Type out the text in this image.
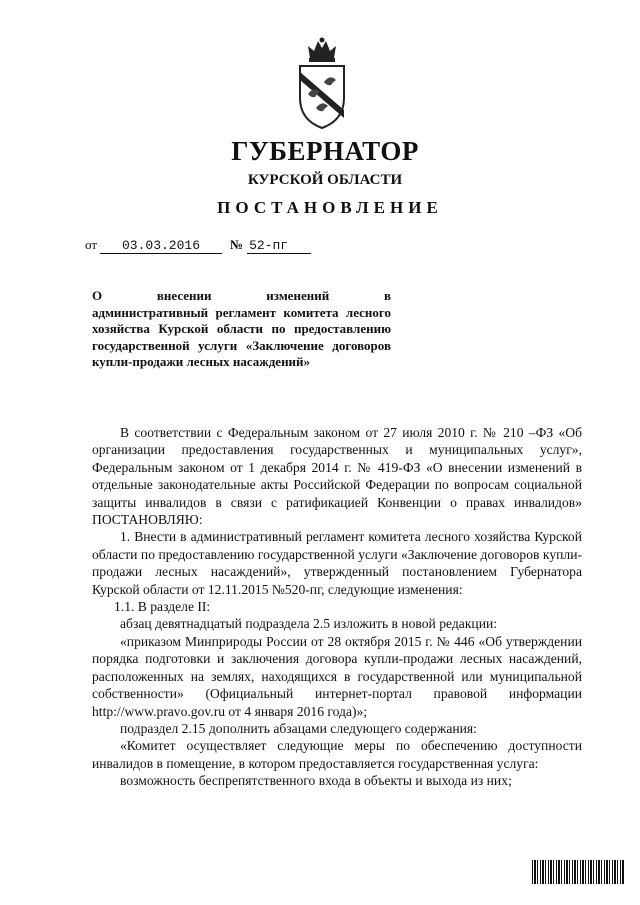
ГУБЕРНАТОР
КУРСКОЙ ОБЛАСТИ
ПОСТАНОВЛЕНИЕ
от 03.03.2016 № 52-пг
О внесении изменений в
административный регламент комитета лесного хозяйства Курской области по предоставлению государственной услуги «Заключение договоров купли-продажи лесных насаждений»

В соответствии с Федеральным законом от 27 июля 2010 г. № 210 –ФЗ «Об организации предоставления государственных и муниципальных услуг», Федеральным законом от 1 декабря 2014 г. № 419-ФЗ «О внесении изменений в отдельные законодательные акты Российской Федерации по вопросам социальной защиты инвалидов в связи с ратификацией Конвенции о правах инвалидов» ПОСТАНОВЛЯЮ:

1. Внести в административный регламент комитета лесного хозяйства Курской области по предоставлению государственной услуги «Заключение договоров купли-продажи лесных насаждений», утвержденный постановлением Губернатора Курской области от 12.11.2015 №520-пг, следующие изменения:

1.1. В разделе II:

абзац девятнадцатый подраздела 2.5 изложить в новой редакции:

«приказом Минприроды России от 28 октября 2015 г. № 446 «Об утверждении порядка подготовки и заключения договора купли-продажи лесных насаждений, расположенных на землях, находящихся в государственной или муниципальной собственности» (Официальный интернет-портал правовой информации http://www.pravo.gov.ru от 4 января 2016 года)»;

подраздел 2.15 дополнить абзацами следующего содержания:

«Комитет осуществляет следующие меры по обеспечению доступности инвалидов в помещение, в котором предоставляется государственная услуга:

возможность беспрепятственного входа в объекты и выхода из них;
